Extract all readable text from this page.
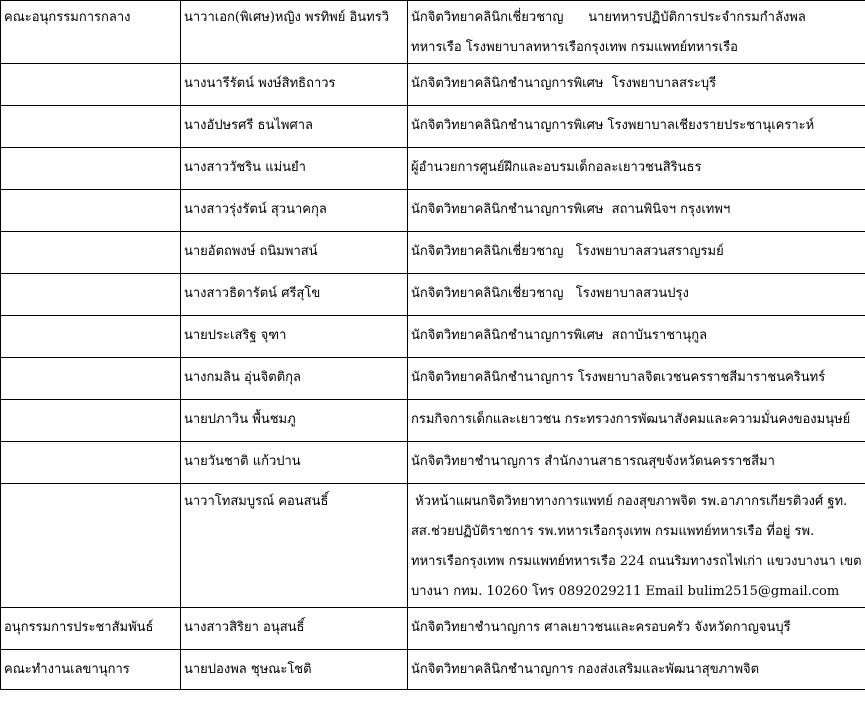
คณะอนุกรรมการกลาง	นาวาเอก(พิเศษ)หญิง พรทิพย์ อินทรวิ	นักจิตวิทยาคลินิกเชี่ยวชาญ      นายทหารปฏิบัติการประจำกรมกำลังพล
ทหารเรือ โรงพยาบาลทหารเรือกรุงเทพ กรมแพทย์ทหารเรือ

	นางนารีรัตน์ พงษ์สิทธิถาวร	นักจิตวิทยาคลินิกชำนาญการพิเศษ  โรงพยาบาลสระบุรี

	นางอัปษรศรี ธนไพศาล	นักจิตวิทยาคลินิกชำนาญการพิเศษ โรงพยาบาลเชียงรายประชานุเคราะห์

	นางสาววัชริน แม่นยำ	ผู้อำนวยการศูนย์ฝึกและอบรมเด็กอละเยาวชนสิรินธร

	นางสาวรุ่งรัตน์ สุวนาคกุล	นักจิตวิทยาคลินิกชำนาญการพิเศษ  สถานพินิจฯ กรุงเทพฯ

	นายอัตถพงษ์ ถนิมพาสน์	นักจิตวิทยาคลินิกเชี่ยวชาญ   โรงพยาบาลสวนสราญรมย์

	นางสาวธิดารัตน์ ศรีสุโข	นักจิตวิทยาคลินิกเชี่ยวชาญ   โรงพยาบาลสวนปรุง

	นายประเสริฐ จุฑา	นักจิตวิทยาคลินิกชำนาญการพิเศษ  สถาบันราชานุกูล

	นางกมลิน อุ่นจิตติกุล	นักจิตวิทยาคลินิกชำนาญการ โรงพยาบาลจิตเวชนครราชสีมาราชนครินทร์

	นายปภาวิน พื้นชมภู	กรมกิจการเด็กและเยาวชน กระทรวงการพัฒนาสังคมและความมั่นคงของมนุษย์

	นายวันชาติ แก้วปาน	นักจิตวิทยาชำนาญการ สำนักงานสาธารณสุขจังหวัดนครราชสีมา

	นาวาโทสมบูรณ์ คอนสนธิ์	หัวหน้าแผนกจิตวิทยาทางการแพทย์ กองสุขภาพจิต รพ.อาภากรเกียรติวงศ์ ฐท.
สส.ช่วยปฏิบัติราชการ รพ.ทหารเรือกรุงเทพ กรมแพทย์ทหารเรือ ที่อยู่ รพ.
ทหารเรือกรุงเทพ กรมแพทย์ทหารเรือ 224 ถนนริมทางรถไฟเก่า แขวงบางนา เขต
บางนา กทม. 10260 โทร 0892029211 Email bulim2515@gmail.com

อนุกรรมการประชาสัมพันธ์	นางสาวสิริยา อนุสนธิ์	นักจิตวิทยาชำนาญการ ศาลเยาวชนและครอบครัว จังหวัดกาญจนบุรี

คณะทำงานเลขานุการ	นายปองพล ชุษณะโชติ	นักจิตวิทยาคลินิกชำนาญการ กองส่งเสริมและพัฒนาสุขภาพจิต
